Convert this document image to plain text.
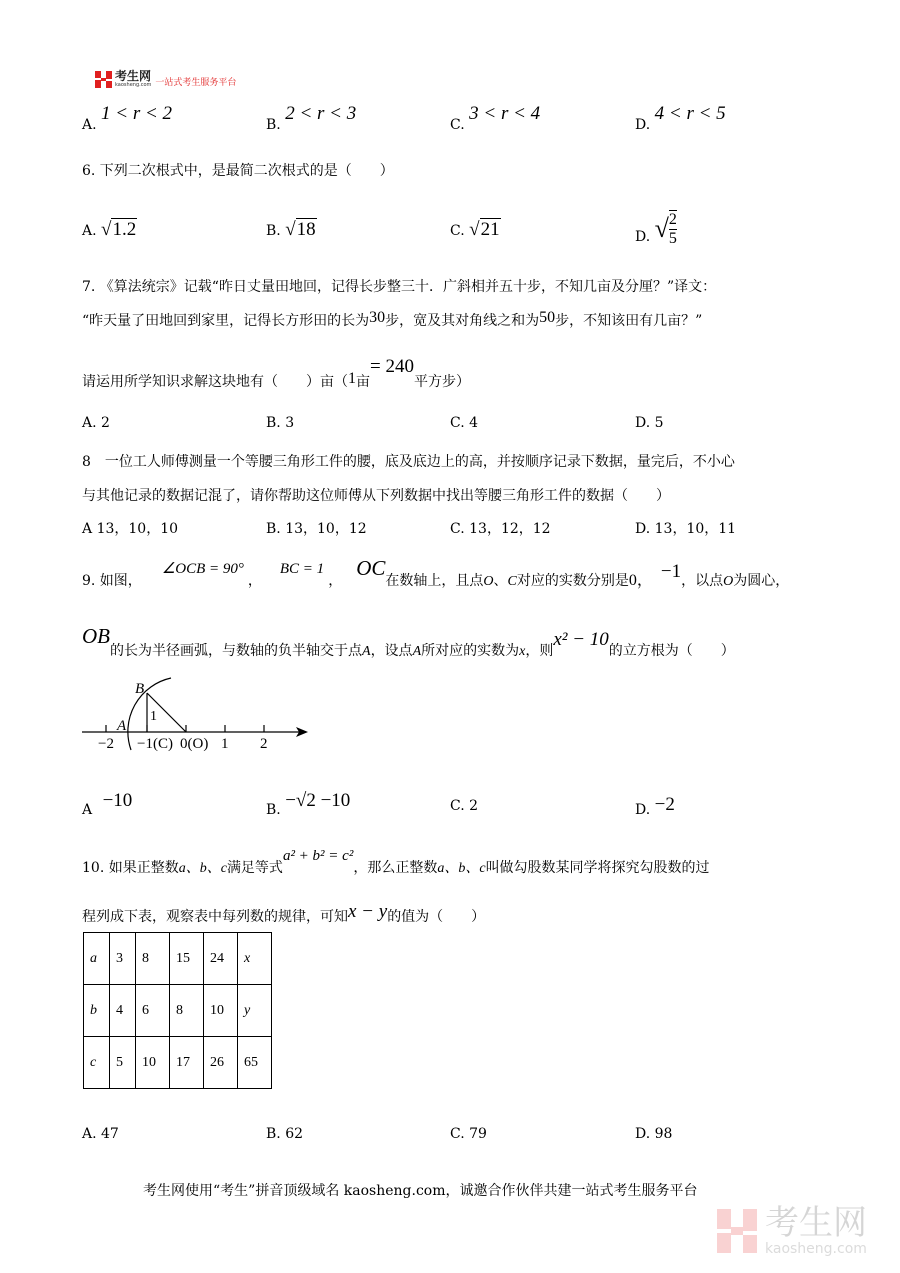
考生网
kaosheng.com 一站式考生服务平台
A. 1 < r < 2
B. 2 < r < 3
C. 3 < r < 4
D. 4 < r < 5
6. 下列二次根式中，是最简二次根式的是（　　）
A. √1.2	B. √18	C. √21	D. √ $\frac{2}{5}$
7. 《算法统宗》记载“昨日丈量田地回，记得长步整三十．广斜相并五十步，不知几亩及分厘？”译文：
“昨天量了田地回到家里，记得长方形田的长为30步，宽及其对角线之和为50步，不知该田有几亩？”
请运用所学知识求解这块地有（　　）亩（1亩= 240平方步）
A. 2	B. 3	C. 4	D. 5
8　一位工人师傅测量一个等腰三角形工件的腰，底及底边上的高，并按顺序记录下数据，量完后，不小心
与其他记录的数据记混了，请你帮助这位师傅从下列数据中找出等腰三角形工件的数据（　　）
A 13，10，10	B. 13，10，12	C. 13，12，12	D. 13，10，11
9. 如图，∠OCB = 90°，BC = 1，OC在数轴上，且点O、C对应的实数分别是0， −1，以点O为圆心，
OB的长为半径画弧，与数轴的负半轴交于点A，设点A所对应的实数为x，则x² − 10的立方根为（　　）
B
A
1
−2 −1(C) 0(O) 1 2
A −10	B. −√2 −10	C. 2	D. −2
10. 如果正整数a、b、c满足等式a² + b² = c²，那么正整数a、b、c叫做勾股数某同学将探究勾股数的过
程列成下表，观察表中每列数的规律，可知x − y的值为（　　）
a	3	8	15	24	x
b	4	6	8	10	y
c	5	10	17	26	65
A. 47	B. 62	C. 79	D. 98
考生网使用“考生”拼音顶级域名 kaosheng.com，诚邀合作伙伴共建一站式考生服务平台
考生网
kaosheng.com
